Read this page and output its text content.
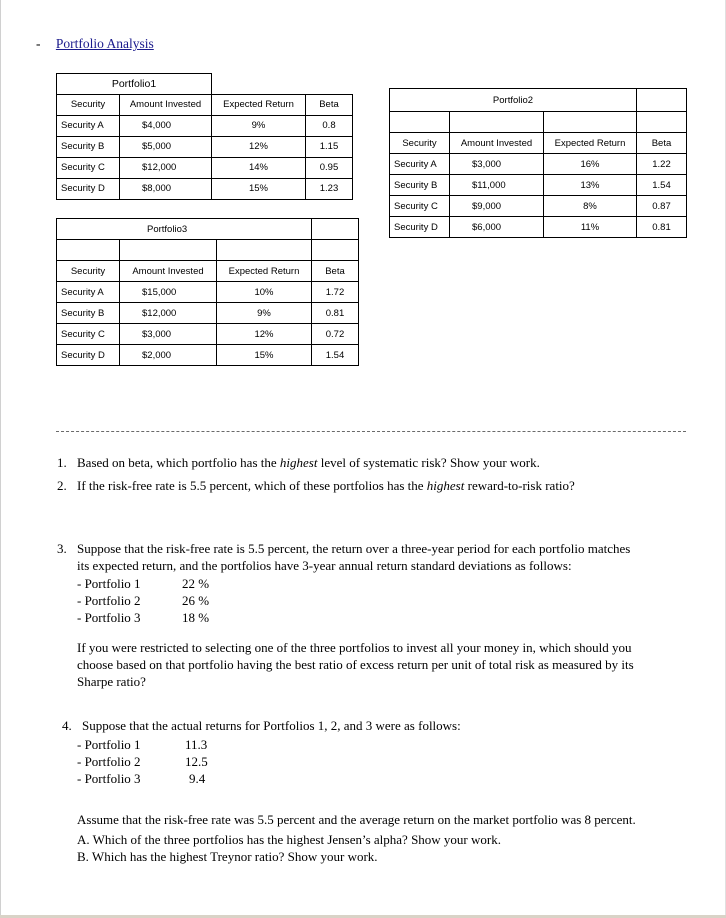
- Portfolio Analysis
Portfolio1			
Security	Amount Invested	Expected Return	Beta
Security A	$4,000	9%	0.8
Security B	$5,000	12%	1.15
Security C	$12,000	14%	0.95
Security D	$8,000	15%	1.23
Portfolio2			

Security	Amount Invested	Expected Return	Beta
Security A	$3,000	16%	1.22
Security B	$11,000	13%	1.54
Security C	$9,000	8%	0.87
Security D	$6,000	11%	0.81
Portfolio3			

Security	Amount Invested	Expected Return	Beta
Security A	$15,000	10%	1.72
Security B	$12,000	9%	0.81
Security C	$3,000	12%	0.72
Security D	$2,000	15%	1.54
1. Based on beta, which portfolio has the highest level of systematic risk? Show your work.
2. If the risk-free rate is 5.5 percent, which of these portfolios has the highest reward-to-risk ratio?
3. Suppose that the risk-free rate is 5.5 percent, the return over a three-year period for each portfolio matches
its expected return, and the portfolios have 3-year annual return standard deviations as follows:
- Portfolio 1	22 %
- Portfolio 2	26 %
- Portfolio 3	18 %
If you were restricted to selecting one of the three portfolios to invest all your money in, which should you
choose based on that portfolio having the best ratio of excess return per unit of total risk as measured by its
Sharpe ratio?
4. Suppose that the actual returns for Portfolios 1, 2, and 3 were as follows:
- Portfolio 1	11.3
- Portfolio 2	12.5
- Portfolio 3	9.4
Assume that the risk-free rate was 5.5 percent and the average return on the market portfolio was 8 percent.
A. Which of the three portfolios has the highest Jensen’s alpha? Show your work.
B. Which has the highest Treynor ratio? Show your work.
